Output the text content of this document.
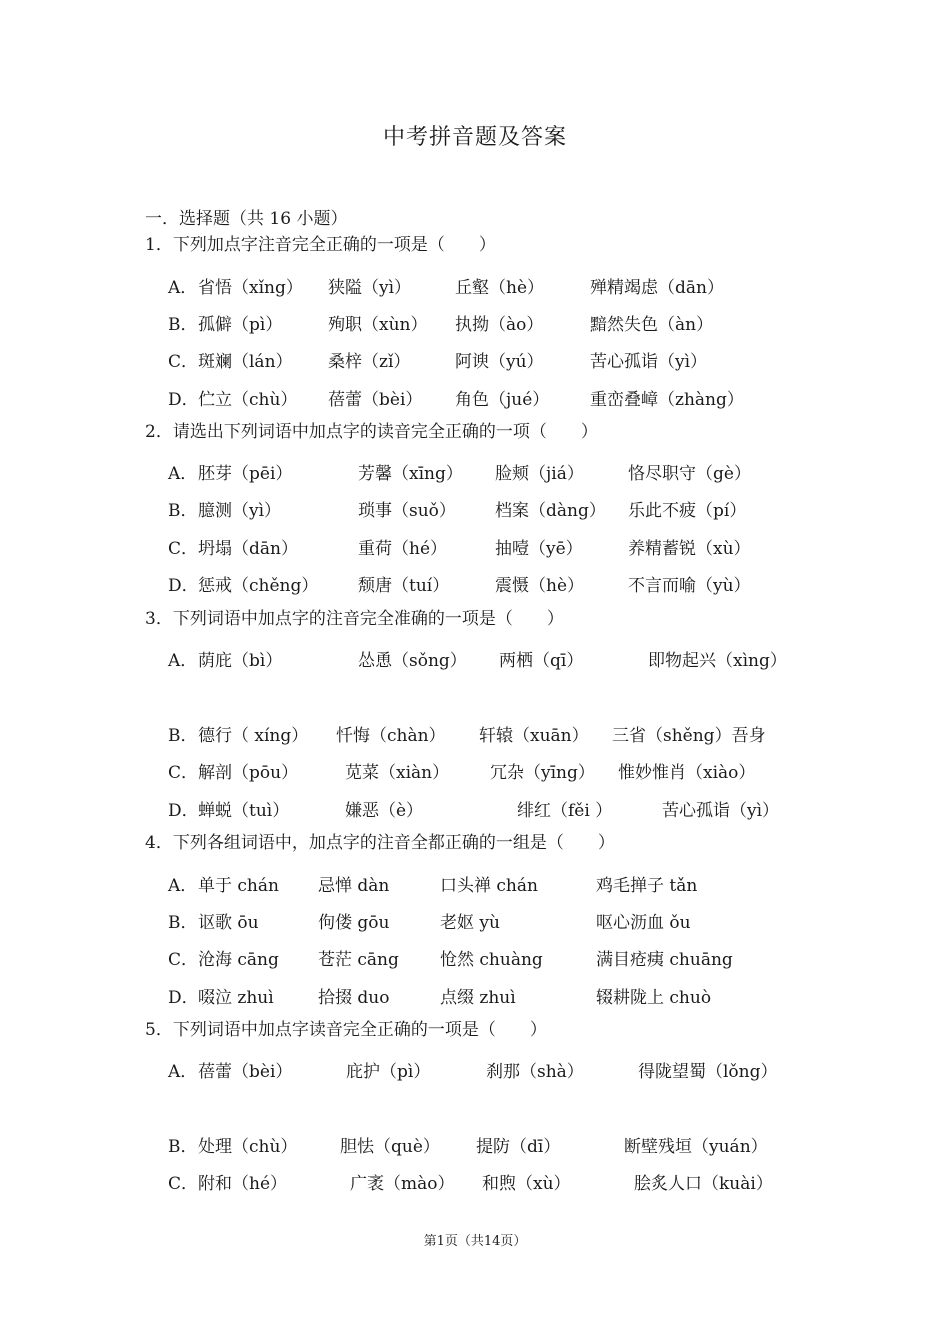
中考拼音题及答案
一．选择题（共 16 小题）
1．下列加点字注音完全正确的一项是（　　）
A． 省悟（xǐng） 狭隘（yì）	丘壑（hè）	殚精竭虑（dān）
B． 孤僻（pì）	殉职（xùn） 执拗（ào）	黯然失色（àn）
C． 斑斓（lán） 桑梓（zǐ）	阿谀（yú）	苦心孤诣（yì）
D． 伫立（chù） 蓓蕾（bèi） 角色（jué） 重峦叠嶂（zhàng）
2．请选出下列词语中加点字的读音完全正确的一项（　　）
A． 胚芽（pēi）	芳馨（xīng） 脸颊（jiá）	恪尽职守（gè）
B． 臆测（yì）	琐事（suǒ） 档案（dàng） 乐此不疲（pí）
C． 坍塌（dān）	重荷（hé）	抽噎（yē）	养精蓄锐（xù）
D． 惩戒（chěng） 颓唐（tuí）	震慑（hè）	不言而喻（yù）
3．下列词语中加点字的注音完全准确的一项是（　　）
A． 荫庇（bì）	怂恿（sǒng） 两栖（qī）	即物起兴（xìng）
B． 德行（ xíng） 忏悔（chàn） 轩辕（xuān） 三省（shěng）吾身
C． 解剖（pōu）	苋菜（xiàn） 冗杂（yīng） 惟妙惟肖（xiào）
D． 蝉蜕（tuì）	嫌恶（è）	绯红（fěi ）	苦心孤诣（yì）
4．下列各组词语中，加点字的注音全都正确的一组是（　　）
A． 单于 chán 忌惮 dàn	口头禅 chán	鸡毛掸子 tǎn
B． 讴歌 ōu	佝偻 gōu	老妪 yù	呕心沥血 ǒu
C． 沧海 cāng 苍茫 cāng 怆然 chuàng	满目疮痍 chuāng
D． 啜泣 zhuì	拾掇 duo	点缀 zhuì	辍耕陇上 chuò
5．下列词语中加点字读音完全正确的一项是（　　）
A． 蓓蕾（bèi）	庇护（pì）	刹那（shà）	得陇望蜀（lǒng）
B． 处理（chù）	胆怯（què） 提防（dī）	断壁残垣（yuán）
C． 附和（hé）	广袤（mào） 和煦（xù）	脍炙人口（kuài）
第1页（共14页）
